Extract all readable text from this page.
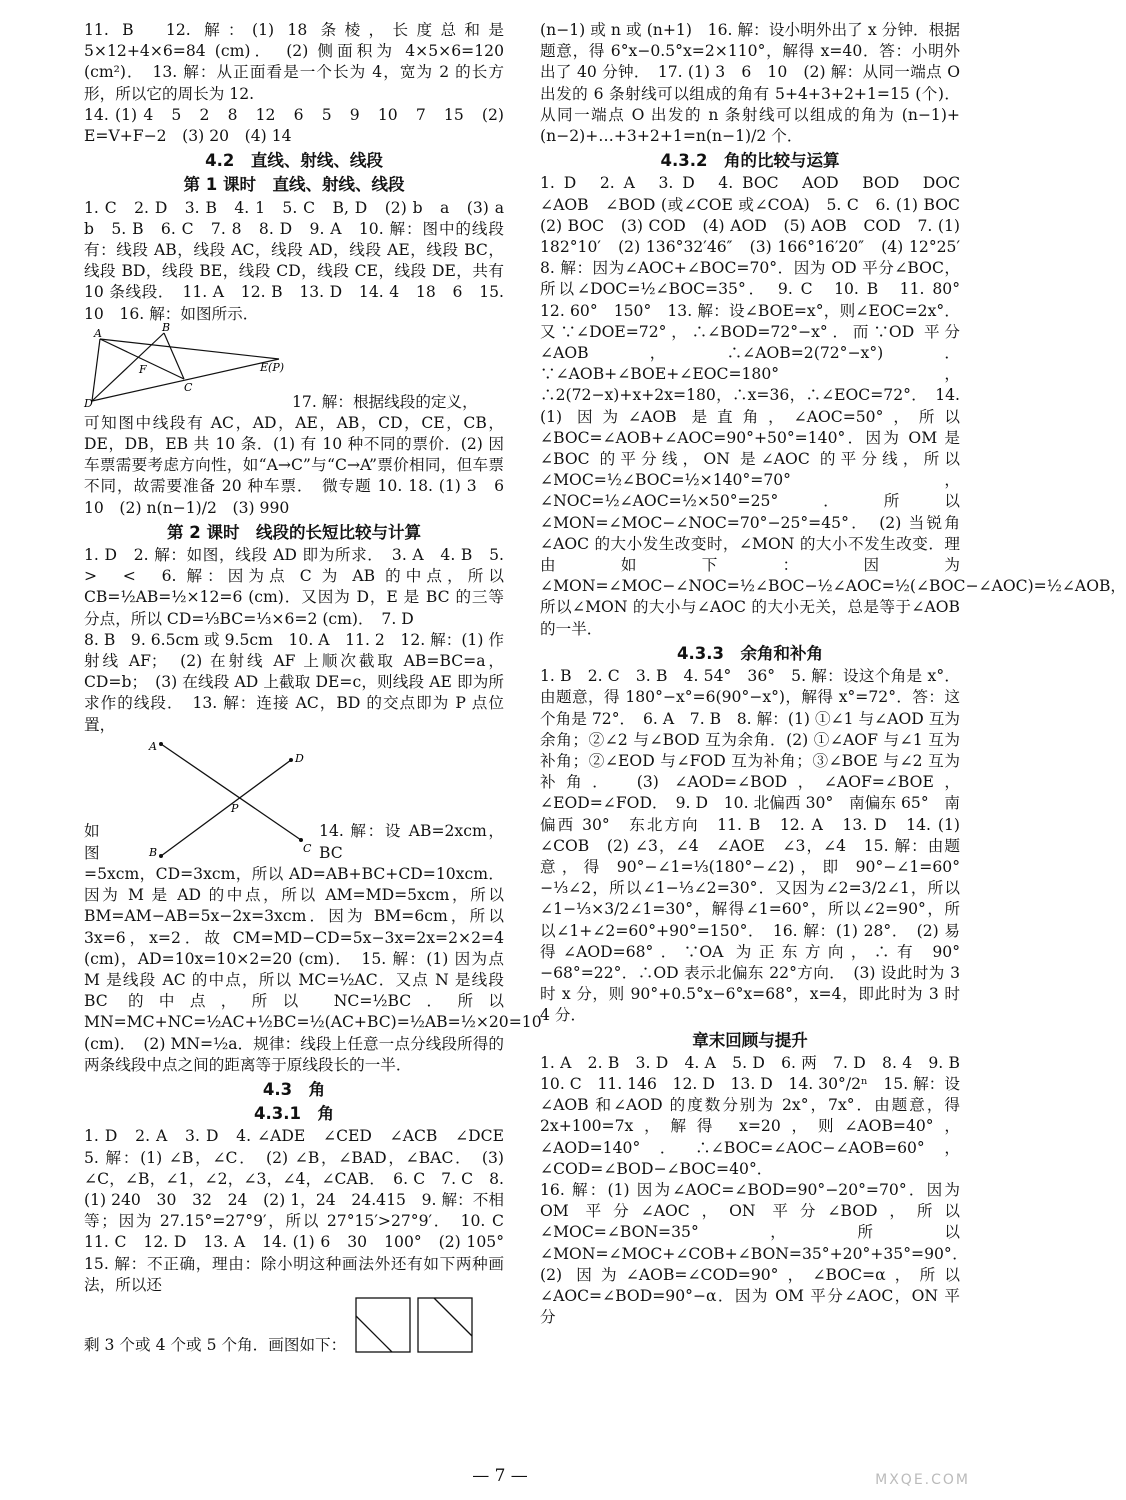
11. B　12. 解：(1) 18 条棱，长度总和是 5×12+4×6=84 (cm)．　(2) 侧面积为 4×5×6=120 (cm²)．　13. 解：从正面看是一个长为 4，宽为 2 的长方形，所以它的周长为 12.

14. (1) 4　5　2　8　12　6　5　9　10　7　15　(2) E=V+F−2　(3) 20　(4) 14

4.2　直线、射线、线段
第 1 课时　直线、射线、线段

1. C　2. D　3. B　4. 1　5. C　B, D　(2) b　a　(3) a　b　5. B　6. C　7. 8　8. D　9. A　10. 解：图中的线段有：线段 AB，线段 AC，线段 AD，线段 AE，线段 BC，线段 BD，线段 BE，线段 CD，线段 CE，线段 DE，共有 10 条线段．　11. A　12. B　13. D　14. 4　18　6　15. 10　16. 解：如图所示．

A	B
C
D
E(P)
F
17. 解：根据线段的定义，

可知图中线段有 AC，AD，AE，AB，CD，CE，CB，DE，DB，EB 共 10 条．(1) 有 10 种不同的票价．(2) 因车票需要考虑方向性，如“A→C”与“C→A”票价相同，但车票不同，故需要准备 20 种车票．　微专题 10. 18. (1) 3　6　10　(2) n(n−1)/2　(3) 990

第 2 课时　线段的长短比较与计算

1. D　2. 解：如图，线段 AD 即为所求．　3. A　4. B　5. >　<　6. 解：因为点 C 为 AB 的中点，所以 CB=½AB=½×12=6 (cm)．又因为 D，E 是 BC 的三等分点，所以 CD=⅓BC=⅓×6=2 (cm)．　7. D

8. B　9. 6.5cm 或 9.5cm　10. A　11. 2　12. 解：(1) 作射线 AF；　(2) 在射线 AF 上顺次截取 AB=BC=a，CD=b；　(3) 在线段 AD 上截取 DE=c，则线段 AE 即为所求作的线段．　13. 解：连接 AC，BD 的交点即为 P 点位置，

如图
A
D
B	C
P
14. 解：设 AB=2xcm，BC

=5xcm，CD=3xcm，所以 AD=AB+BC+CD=10xcm．因为 M 是 AD 的中点，所以 AM=MD=5xcm，所以 BM=AM−AB=5x−2x=3xcm．因为 BM=6cm，所以 3x=6，x=2．故 CM=MD−CD=5x−3x=2x=2×2=4 (cm)，AD=10x=10×2=20 (cm)．　15. 解：(1) 因为点 M 是线段 AC 的中点，所以 MC=½AC．又点 N 是线段 BC 的中点，所以 NC=½BC．所以 MN=MC+NC=½AC+½BC=½(AC+BC)=½AB=½×20=10 (cm)．　(2) MN=½a．规律：线段上任意一点分线段所得的两条线段中点之间的距离等于原线段长的一半．

4.3　角
4.3.1　角

1. D　2. A　3. D　4. ∠ADE　∠CED　∠ACB　∠DCE　5. 解：(1) ∠B，∠C．　(2) ∠B，∠BAD，∠BAC．　(3) ∠C，∠B，∠1，∠2，∠3，∠4，∠CAB．　6. C　7. C　8. (1) 240　30　32　24　(2) 1，24　24.415　9. 解：不相等；因为 27.15°=27°9′，所以 27°15′>27°9′．　10. C　11. C　12. D　13. A　14. (1) 6　30　100°　(2) 105°　15. 解：不正确，理由：除小明这种画法外还有如下两种画法，所以还

剩 3 个或 4 个或 5 个角．画图如下：

(n−1) 或 n 或 (n+1)　16. 解：设小明外出了 x 分钟．根据题意，得 6°x−0.5°x=2×110°，解得 x=40．答：小明外出了 40 分钟．　17. (1) 3　6　10　(2) 解：从同一端点 O 出发的 6 条射线可以组成的角有 5+4+3+2+1=15 (个)．从同一端点 O 出发的 n 条射线可以组成的角为 (n−1)+(n−2)+…+3+2+1=n(n−1)/2 个．

4.3.2　角的比较与运算

1. D　2. A　3. D　4. BOC　AOD　BOD　DOC　∠AOB　∠BOD (或∠COE 或∠COA)　5. C　6. (1) BOC　(2) BOC　(3) COD　(4) AOD　(5) AOB　COD　7. (1) 182°10′　(2) 136°32′46″　(3) 166°16′20″　(4) 12°25′　8. 解：因为∠AOC+∠BOC=70°．因为 OD 平分∠BOC，所以∠DOC=½∠BOC=35°．　9. C　10. B　11. 80°　12. 60°　150°　13. 解：设∠BOE=x°，则∠EOC=2x°．又∵∠DOE=72°，∴∠BOD=72°−x°．而∵OD 平分∠AOB，∴∠AOB=2(72°−x°)．∵∠AOB+∠BOE+∠EOC=180°，∴2(72−x)+x+2x=180，∴x=36，∴∠EOC=72°．　14. (1) 因为∠AOB 是直角，∠AOC=50°，所以∠BOC=∠AOB+∠AOC=90°+50°=140°．因为 OM 是∠BOC 的平分线，ON 是∠AOC 的平分线，所以∠MOC=½∠BOC=½×140°=70°，∠NOC=½∠AOC=½×50°=25°．所以∠MON=∠MOC−∠NOC=70°−25°=45°．　(2) 当锐角∠AOC 的大小发生改变时，∠MON 的大小不发生改变．理由如下：因为∠MON=∠MOC−∠NOC=½∠BOC−½∠AOC=½(∠BOC−∠AOC)=½∠AOB，所以∠MON 的大小与∠AOC 的大小无关，总是等于∠AOB 的一半．

4.3.3　余角和补角

1. B　2. C　3. B　4. 54°　36°　5. 解：设这个角是 x°．由题意，得 180°−x°=6(90°−x°)，解得 x°=72°．答：这个角是 72°．　6. A　7. B　8. 解：(1) ①∠1 与∠AOD 互为余角；②∠2 与∠BOD 互为余角．(2) ①∠AOF 与∠1 互为补角；②∠EOD 与∠FOD 互为补角；③∠BOE 与∠2 互为补角．　(3) ∠AOD=∠BOD，∠AOF=∠BOE，∠EOD=∠FOD．　9. D　10. 北偏西 30°　南偏东 65°　南偏西 30°　东北方向　11. B　12. A　13. D　14. (1) ∠COB　(2) ∠3，∠4　∠AOE　∠3，∠4　15. 解：由题意，得 90°−∠1=⅓(180°−∠2)，即 90°−∠1=60°−⅓∠2，所以∠1−⅓∠2=30°．又因为∠2=3/2∠1，所以∠1−⅓×3/2∠1=30°，解得∠1=60°，所以∠2=90°，所以∠1+∠2=60°+90°=150°．　16. 解：(1) 28°．　(2) 易得∠AOD=68°．∵OA 为正东方向，∴有 90°−68°=22°．∴OD 表示北偏东 22°方向．　(3) 设此时为 3 时 x 分，则 90°+0.5°x−6°x=68°，x=4，即此时为 3 时 4 分．

章末回顾与提升

1. A　2. B　3. D　4. A　5. D　6. 两　7. D　8. 4　9. B　10. C　11. 146　12. D　13. D　14. 30°/2ⁿ　15. 解：设∠AOB 和∠AOD 的度数分别为 2x°，7x°．由题意，得 2x+100=7x，解得 x=20，则∠AOB=40°，∠AOD=140°．∴∠BOC=∠AOC−∠AOB=60°，∠COD=∠BOD−∠BOC=40°．

16. 解：(1) 因为∠AOC=∠BOD=90°−20°=70°．因为 OM 平分∠AOC，ON 平分∠BOD，所以∠MOC=∠BON=35°，所以∠MON=∠MOC+∠COB+∠BON=35°+20°+35°=90°．　(2) 因为∠AOB=∠COD=90°，∠BOC=α，所以∠AOC=∠BOD=90°−α．因为 OM 平分∠AOC，ON 平分

— 7 —	MXQE.COM
